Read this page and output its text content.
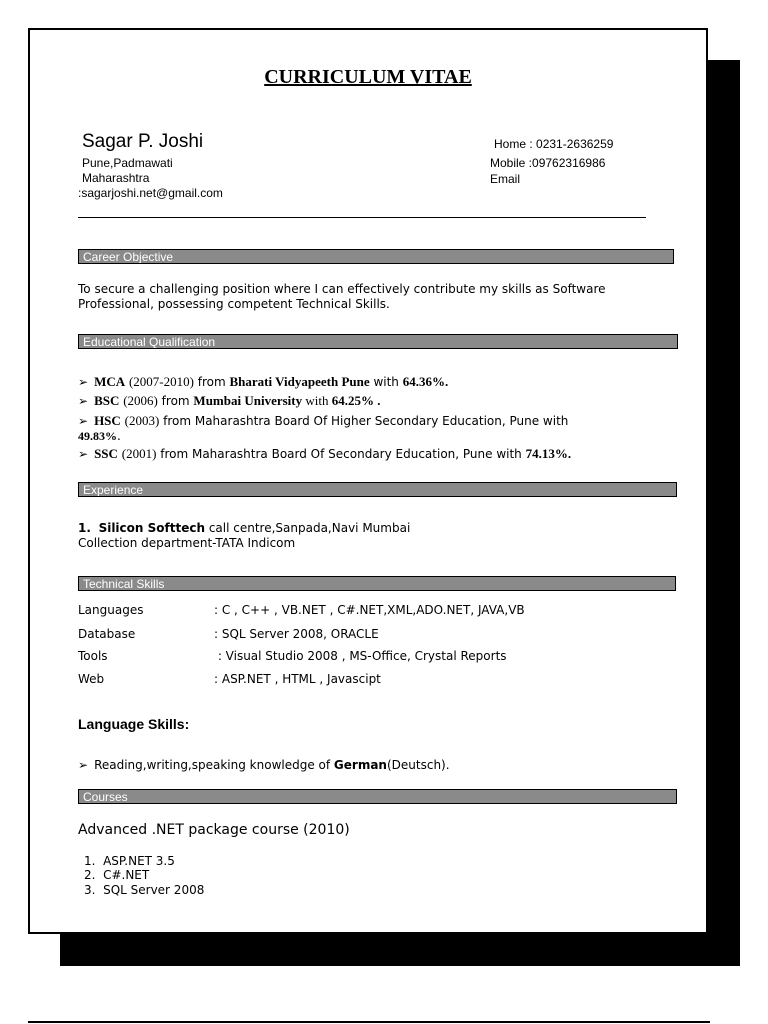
CURRICULUM VITAE
Sagar P. Joshi
Pune,Padmawati
Maharashtra
:sagarjoshi.net@gmail.com
Home : 0231-2636259
Mobile :09762316986
Email
Career Objective
To secure a challenging position where I can effectively contribute my skills as Software
Professional, possessing competent Technical Skills.
Educational Qualification
➢ MCA (2007-2010) from Bharati Vidyapeeth Pune with 64.36%.
➢ BSC (2006) from Mumbai University with 64.25% .
➢ HSC (2003) from Maharashtra Board Of Higher Secondary Education, Pune with
49.83%.
➢ SSC (2001) from Maharashtra Board Of Secondary Education, Pune with 74.13%.
Experience
1. Silicon Softtech call centre,Sanpada,Navi Mumbai
Collection department-TATA Indicom
Technical Skills
Languages	: C , C++ , VB.NET , C#.NET,XML,ADO.NET, JAVA,VB
Database	: SQL Server 2008, ORACLE
Tools	: Visual Studio 2008 , MS-Office, Crystal Reports
Web	: ASP.NET , HTML , Javascipt
Language Skills:
➢ Reading,writing,speaking knowledge of German(Deutsch).
Courses
Advanced .NET package course (2010)
1.  ASP.NET 3.5
2.  C#.NET
3.  SQL Server 2008
